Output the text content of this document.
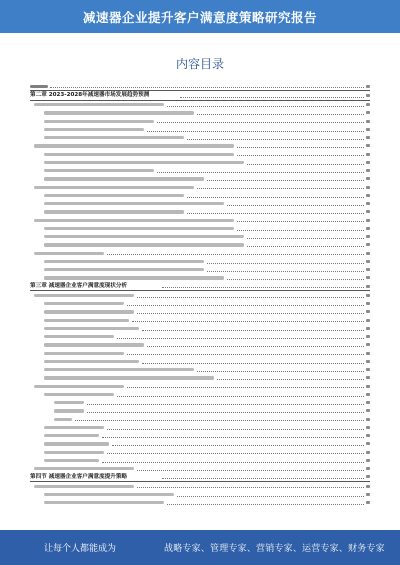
减速器企业提升客户满意度策略研究报告
内容目录
第二章 2023-2028年减速器市场发展趋势预测
第三章 减速器企业客户满意度现状分析
第四节 减速器企业客户满意度提升策略
让每个人都能成为	战略专家、管理专家、营销专家、运营专家、财务专家
